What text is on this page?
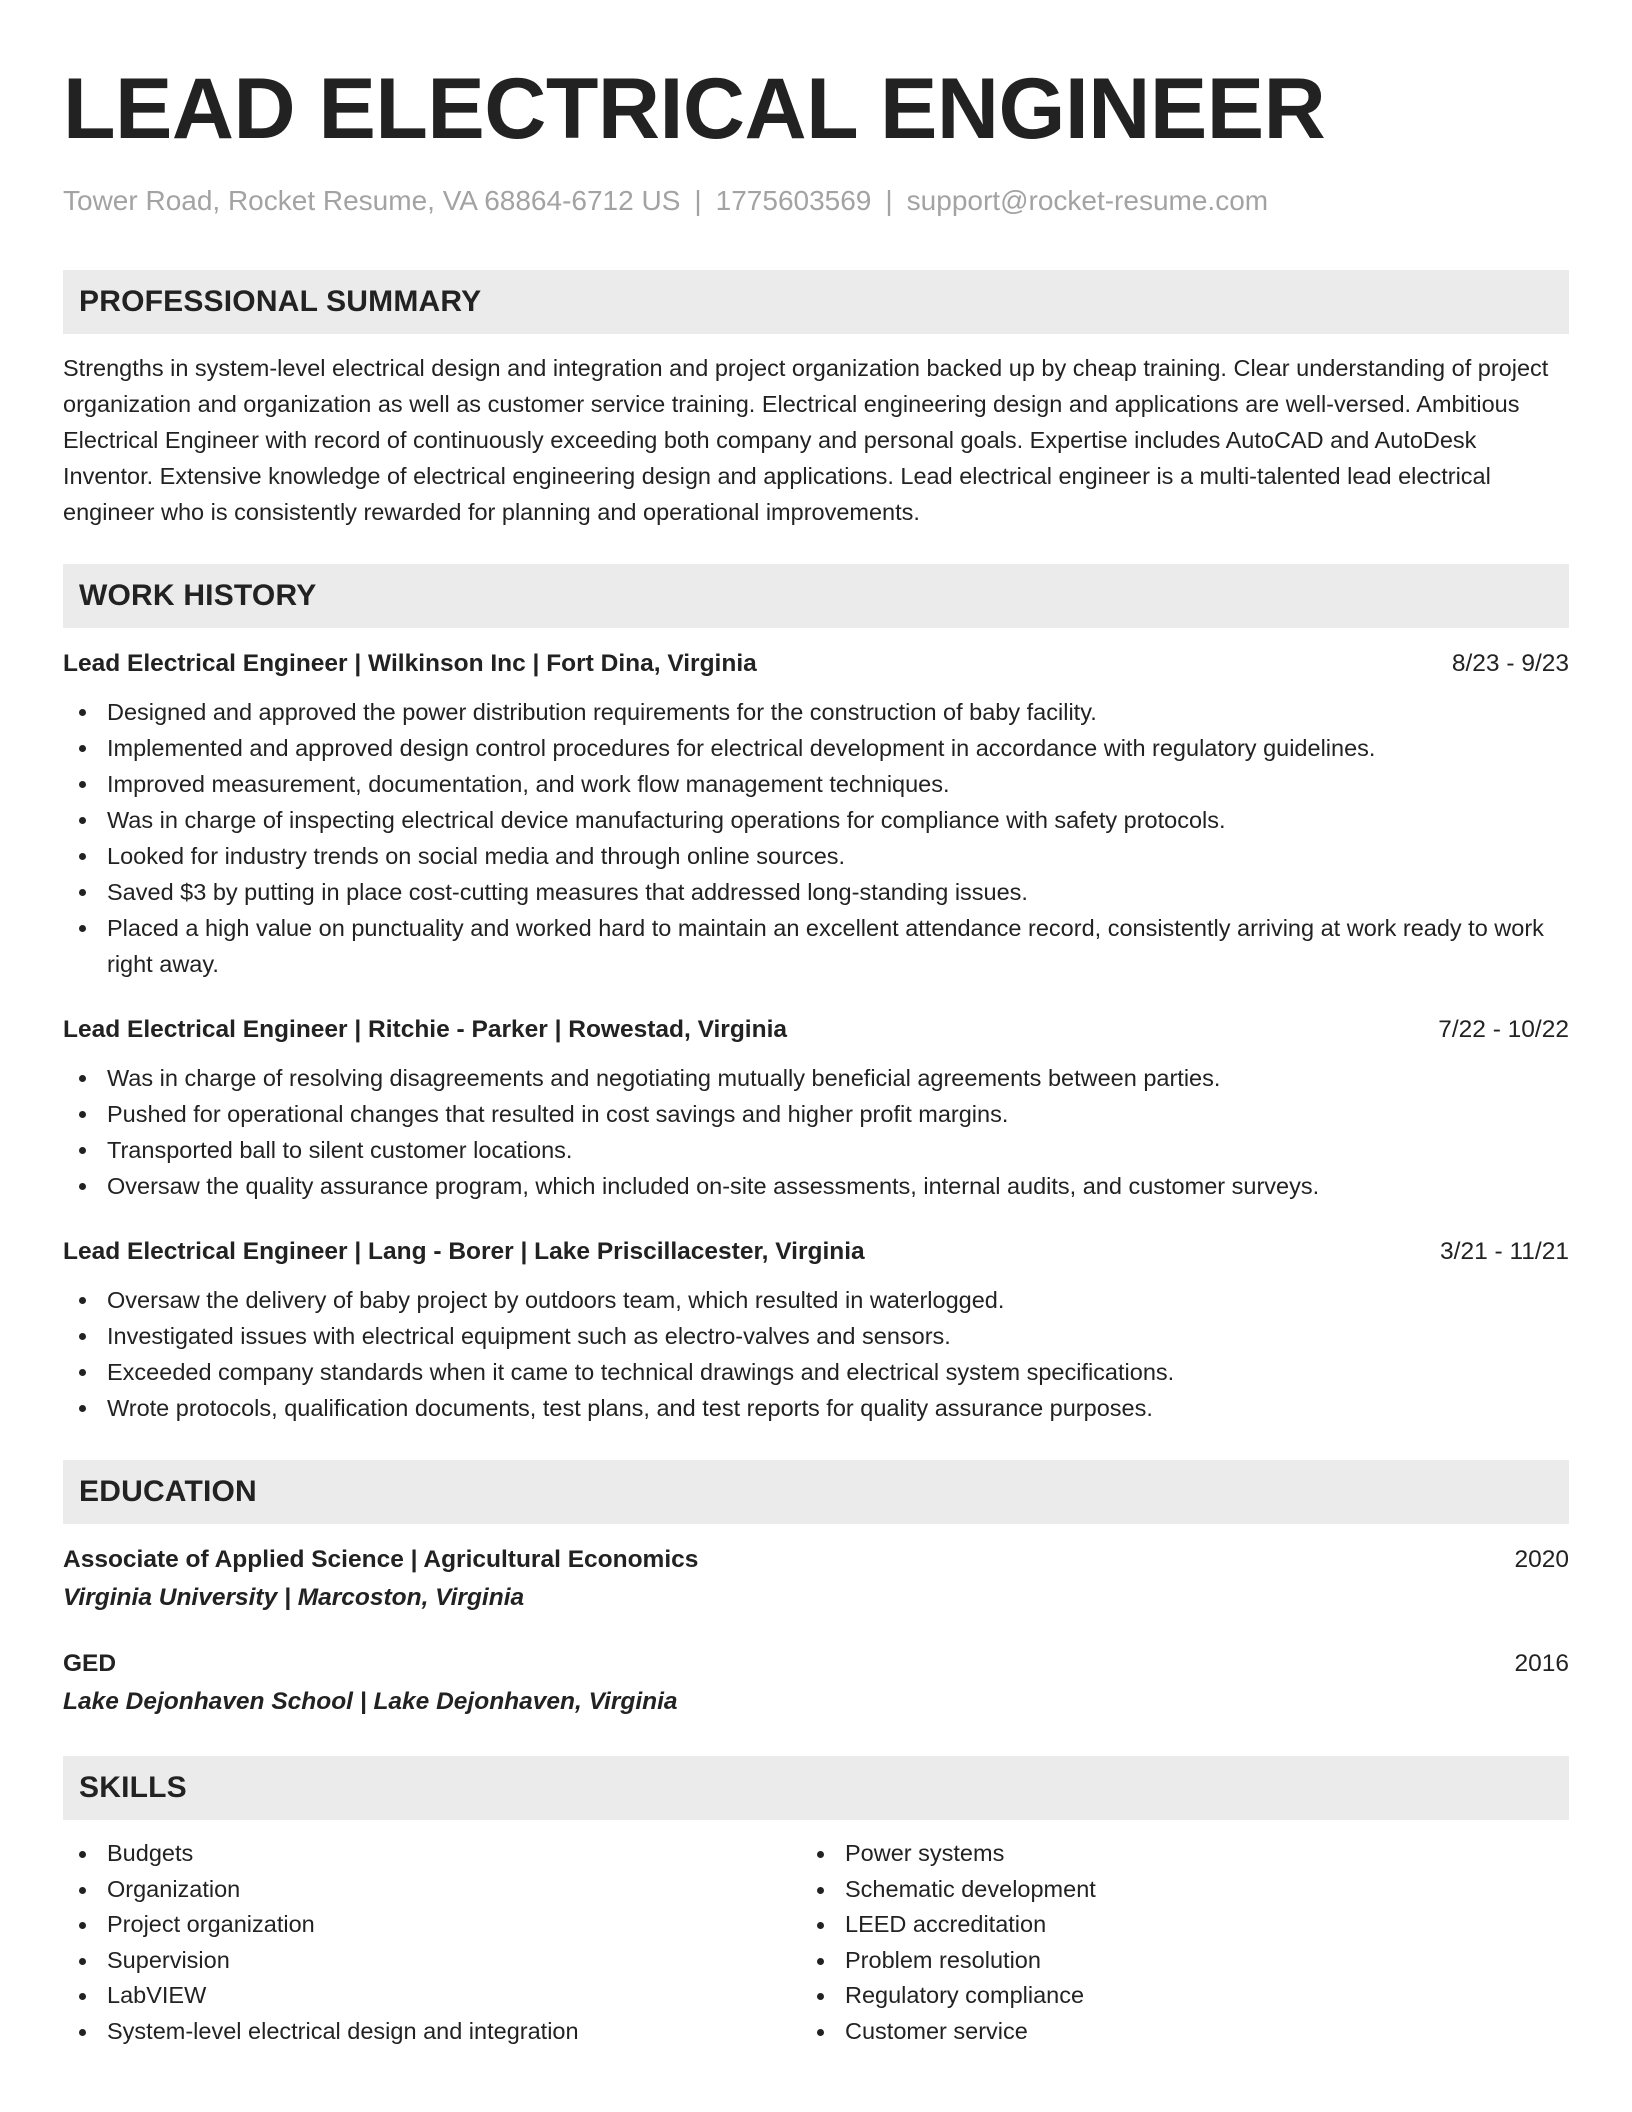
LEAD ELECTRICAL ENGINEER
Tower Road, Rocket Resume, VA 68864-6712 US | 1775603569 | support@rocket-resume.com
PROFESSIONAL SUMMARY
Strengths in system-level electrical design and integration and project organization backed up by cheap training. Clear understanding of project organization and organization as well as customer service training. Electrical engineering design and applications are well-versed. Ambitious Electrical Engineer with record of continuously exceeding both company and personal goals. Expertise includes AutoCAD and AutoDesk Inventor. Extensive knowledge of electrical engineering design and applications. Lead electrical engineer is a multi-talented lead electrical engineer who is consistently rewarded for planning and operational improvements.
WORK HISTORY
Lead Electrical Engineer | Wilkinson Inc | Fort Dina, Virginia	8/23 - 9/23
Designed and approved the power distribution requirements for the construction of baby facility.
Implemented and approved design control procedures for electrical development in accordance with regulatory guidelines.
Improved measurement, documentation, and work flow management techniques.
Was in charge of inspecting electrical device manufacturing operations for compliance with safety protocols.
Looked for industry trends on social media and through online sources.
Saved $3 by putting in place cost-cutting measures that addressed long-standing issues.
Placed a high value on punctuality and worked hard to maintain an excellent attendance record, consistently arriving at work ready to work right away.
Lead Electrical Engineer | Ritchie - Parker | Rowestad, Virginia	7/22 - 10/22
Was in charge of resolving disagreements and negotiating mutually beneficial agreements between parties.
Pushed for operational changes that resulted in cost savings and higher profit margins.
Transported ball to silent customer locations.
Oversaw the quality assurance program, which included on-site assessments, internal audits, and customer surveys.
Lead Electrical Engineer | Lang - Borer | Lake Priscillacester, Virginia	3/21 - 11/21
Oversaw the delivery of baby project by outdoors team, which resulted in waterlogged.
Investigated issues with electrical equipment such as electro-valves and sensors.
Exceeded company standards when it came to technical drawings and electrical system specifications.
Wrote protocols, qualification documents, test plans, and test reports for quality assurance purposes.
EDUCATION
Associate of Applied Science | Agricultural Economics	2020
Virginia University | Marcoston, Virginia
GED	2016
Lake Dejonhaven School | Lake Dejonhaven, Virginia
SKILLS
Budgets
Organization
Project organization
Supervision
LabVIEW
System-level electrical design and integration
Power systems
Schematic development
LEED accreditation
Problem resolution
Regulatory compliance
Customer service
